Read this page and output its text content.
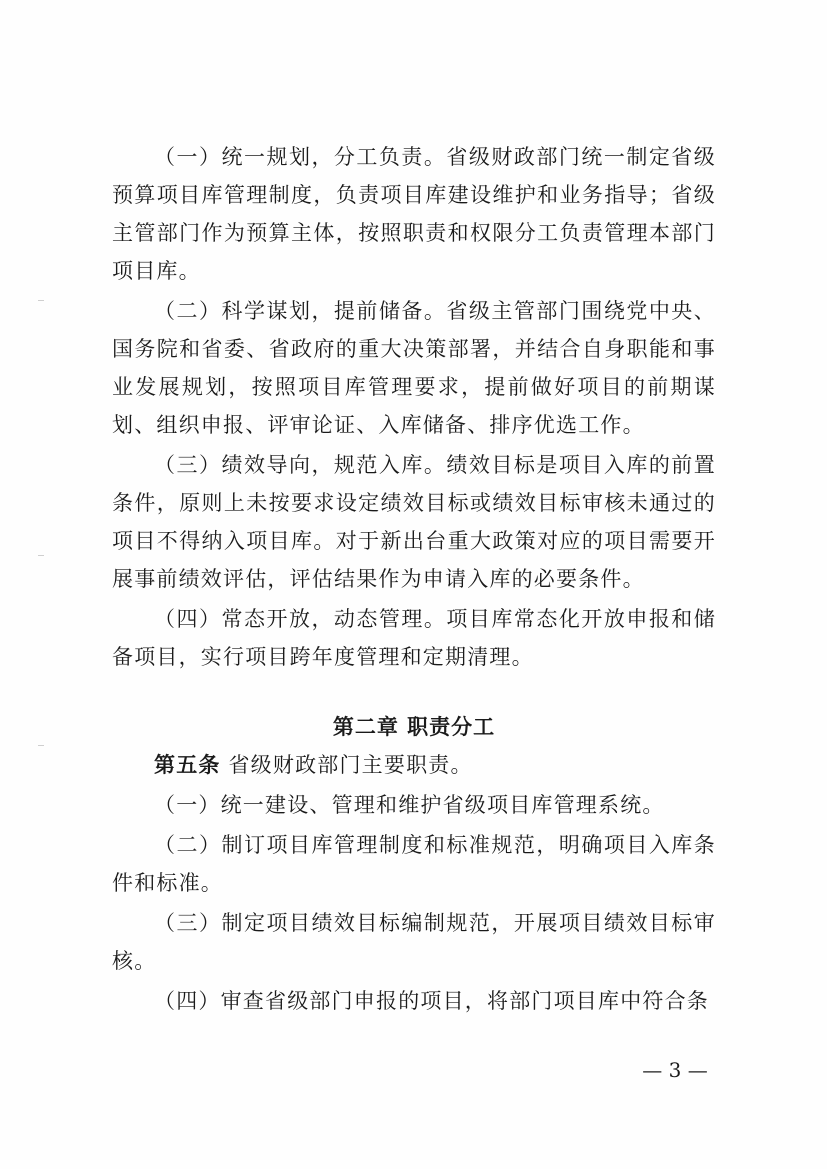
（一）统一规划，分工负责。省级财政部门统一制定省级预算项目库管理制度，负责项目库建设维护和业务指导；省级主管部门作为预算主体，按照职责和权限分工负责管理本部门项目库。

（二）科学谋划，提前储备。省级主管部门围绕党中央、国务院和省委、省政府的重大决策部署，并结合自身职能和事业发展规划，按照项目库管理要求，提前做好项目的前期谋划、组织申报、评审论证、入库储备、排序优选工作。

（三）绩效导向，规范入库。绩效目标是项目入库的前置条件，原则上未按要求设定绩效目标或绩效目标审核未通过的项目不得纳入项目库。对于新出台重大政策对应的项目需要开展事前绩效评估，评估结果作为申请入库的必要条件。

（四）常态开放，动态管理。项目库常态化开放申报和储备项目，实行项目跨年度管理和定期清理。

第二章 职责分工

第五条 省级财政部门主要职责。

（一）统一建设、管理和维护省级项目库管理系统。

（二）制订项目库管理制度和标准规范，明确项目入库条件和标准。

（三）制定项目绩效目标编制规范，开展项目绩效目标审核。

（四）审查省级部门申报的项目，将部门项目库中符合条

— 3 —
